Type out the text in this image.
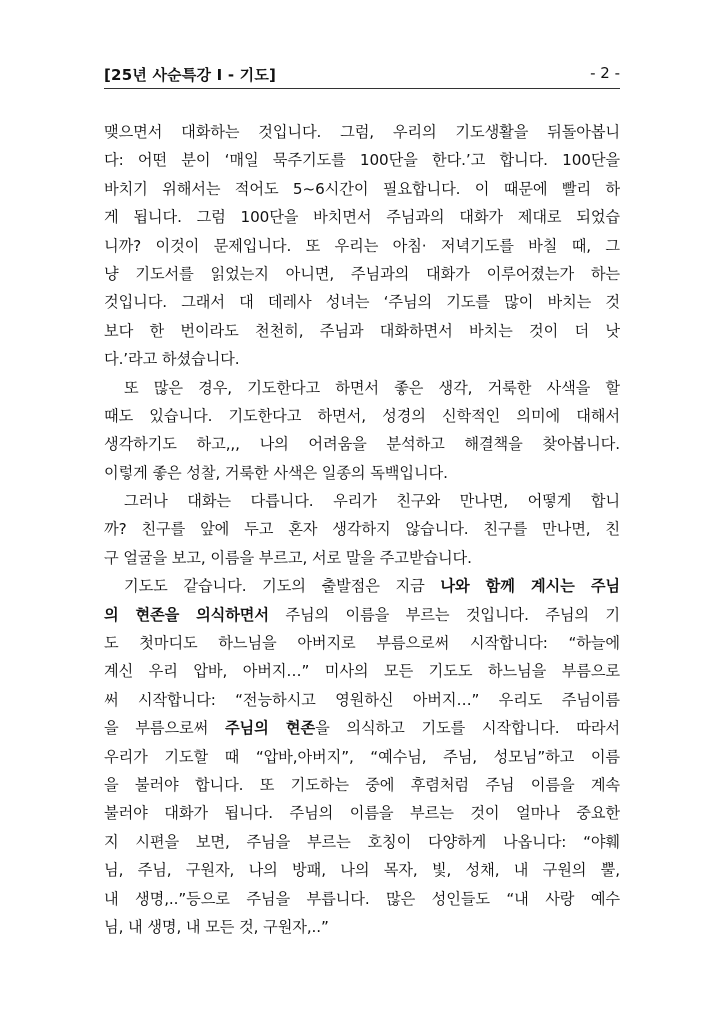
[25년 사순특강 Ⅰ - 기도]	- 2 -
맺으면서 대화하는 것입니다. 그럼, 우리의 기도생활을 뒤돌아봅니
다: 어떤 분이 ‘매일 묵주기도를 100단을 한다.’고 합니다. 100단을
바치기 위해서는 적어도 5~6시간이 필요합니다. 이 때문에 빨리 하
게 됩니다. 그럼 100단을 바치면서 주님과의 대화가 제대로 되었습
니까? 이것이 문제입니다. 또 우리는 아침· 저녁기도를 바칠 때, 그
냥 기도서를 읽었는지 아니면, 주님과의 대화가 이루어졌는가 하는
것입니다. 그래서 대 데레사 성녀는 ‘주님의 기도를 많이 바치는 것
보다 한 번이라도 천천히, 주님과 대화하면서 바치는 것이 더 낫
다.’라고 하셨습니다.
또 많은 경우, 기도한다고 하면서 좋은 생각, 거룩한 사색을 할
때도 있습니다. 기도한다고 하면서, 성경의 신학적인 의미에 대해서
생각하기도 하고,,, 나의 어려움을 분석하고 해결책을 찾아봅니다.
이렇게 좋은 성찰, 거룩한 사색은 일종의 독백입니다.
그러나 대화는 다릅니다. 우리가 친구와 만나면, 어떻게 합니
까? 친구를 앞에 두고 혼자 생각하지 않습니다. 친구를 만나면, 친
구 얼굴을 보고, 이름을 부르고, 서로 말을 주고받습니다.
기도도 같습니다. 기도의 출발점은 지금 나와 함께 계시는 주님
의 현존을 의식하면서 주님의 이름을 부르는 것입니다. 주님의 기
도 첫마디도 하느님을 아버지로 부름으로써 시작합니다: “하늘에
계신 우리 압바, 아버지…” 미사의 모든 기도도 하느님을 부름으로
써 시작합니다: “전능하시고 영원하신 아버지…” 우리도 주님이름
을 부름으로써 주님의 현존을 의식하고 기도를 시작합니다. 따라서
우리가 기도할 때 “압바,아버지”, “예수님, 주님, 성모님”하고 이름
을 불러야 합니다. 또 기도하는 중에 후렴처럼 주님 이름을 계속
불러야 대화가 됩니다. 주님의 이름을 부르는 것이 얼마나 중요한
지 시편을 보면, 주님을 부르는 호칭이 다양하게 나옵니다: “야훼
님, 주님, 구원자, 나의 방패, 나의 목자, 빛, 성채, 내 구원의 뿔,
내 생명,..”등으로 주님을 부릅니다. 많은 성인들도 “내 사랑 예수
님, 내 생명, 내 모든 것, 구원자,..”
